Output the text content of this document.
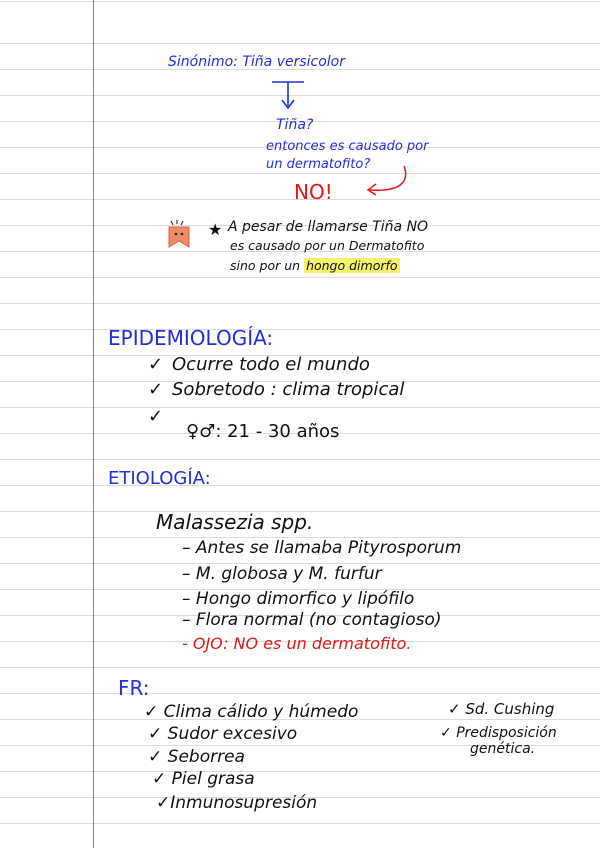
Sinónimo: Tiña versicolor
Tiña?
entonces es causado por
un dermatofito?
NO!
★ A pesar de llamarse Tiña NO
es causado por un Dermatofito
sino por un hongo dimorfo
EPIDEMIOLOGÍA:
✓ Ocurre todo el mundo
✓ Sobretodo : clima tropical
✓
♀♂: 21 - 30 años
ETIOLOGÍA:
Malassezia spp.
– Antes se llamaba Pityrosporum
– M. globosa y M. furfur
– Hongo dimorfico y lipófilo
– Flora normal (no contagioso)
- OJO: NO es un dermatofito.
FR:
✓ Clima cálido y húmedo
✓ Sudor excesivo
✓ Seborrea
✓ Piel grasa
✓Inmunosupresión
✓ Sd. Cushing
✓ Predisposición
genética.
